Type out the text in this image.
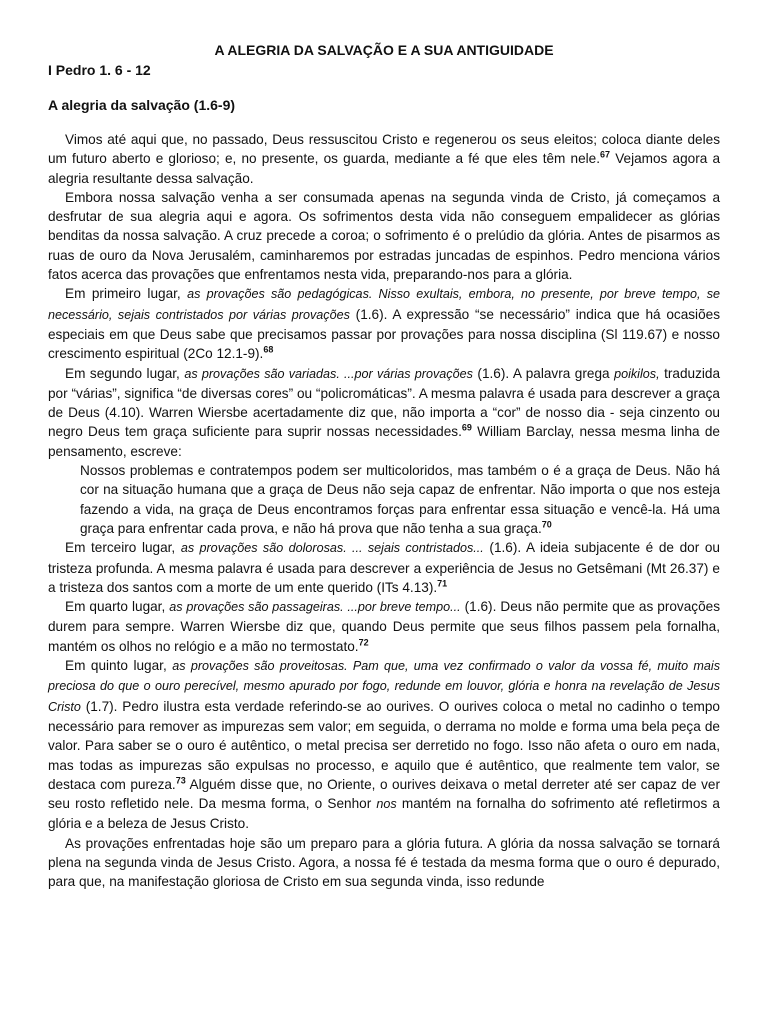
A ALEGRIA DA SALVAÇÃO E A SUA ANTIGUIDADE
I Pedro 1. 6 - 12
A alegria da salvação (1.6-9)

Vimos até aqui que, no passado, Deus ressuscitou Cristo e regenerou os seus eleitos; coloca diante deles um futuro aberto e glorioso; e, no presente, os guarda, mediante a fé que eles têm nele.$^{67}$ Vejamos agora a alegria resultante dessa salvação.

Embora nossa salvação venha a ser consumada apenas na segunda vinda de Cristo, já começamos a desfrutar de sua alegria aqui e agora. Os sofrimentos desta vida não conseguem empalidecer as glórias benditas da nossa salvação. A cruz precede a coroa; o sofrimento é o prelúdio da glória. Antes de pisarmos as ruas de ouro da Nova Jerusalém, caminharemos por estradas juncadas de espinhos. Pedro menciona vários fatos acerca das provações que enfrentamos nesta vida, preparando-nos para a glória.

Em primeiro lugar, as provações são pedagógicas. Nisso exultais, embora, no presente, por breve tempo, se necessário, sejais contristados por várias provações (1.6). A expressão “se necessário” indica que há ocasiões especiais em que Deus sabe que precisamos passar por provações para nossa disciplina (Sl 119.67) e nosso crescimento espiritual (2Co 12.1-9).$^{68}$

Em segundo lugar, as provações são variadas. ...por várias provações (1.6). A palavra grega poikilos, traduzida por “várias”, significa “de diversas cores” ou “policromáticas”. A mesma palavra é usada para descrever a graça de Deus (4.10). Warren Wiersbe acertadamente diz que, não importa a “cor” de nosso dia - seja cinzento ou negro Deus tem graça suficiente para suprir nossas necessidades.$^{69}$ William Barclay, nessa mesma linha de pensamento, escreve:

Nossos problemas e contratempos podem ser multicoloridos, mas também o é a graça de Deus. Não há cor na situação humana que a graça de Deus não seja capaz de enfrentar. Não importa o que nos esteja fazendo a vida, na graça de Deus encontramos forças para enfrentar essa situação e vencê-la. Há uma graça para enfrentar cada prova, e não há prova que não tenha a sua graça.$^{70}$

Em terceiro lugar, as provações são dolorosas. ... sejais contristados... (1.6). A ideia subjacente é de dor ou tristeza profunda. A mesma palavra é usada para descrever a experiência de Jesus no Getsêmani (Mt 26.37) e a tristeza dos santos com a morte de um ente querido (ITs 4.13).$^{71}$

Em quarto lugar, as provações são passageiras. ...por breve tempo... (1.6). Deus não permite que as provações durem para sempre. Warren Wiersbe diz que, quando Deus permite que seus filhos passem pela fornalha, mantém os olhos no relógio e a mão no termostato.$^{72}$

Em quinto lugar, as provações são proveitosas. Pam que, uma vez confirmado o valor da vossa fé, muito mais preciosa do que o ouro perecível, mesmo apurado por fogo, redunde em louvor, glória e honra na revelação de Jesus Cristo (1.7). Pedro ilustra esta verdade referindo-se ao ourives. O ourives coloca o metal no cadinho o tempo necessário para remover as impurezas sem valor; em seguida, o derrama no molde e forma uma bela peça de valor. Para saber se o ouro é autêntico, o metal precisa ser derretido no fogo. Isso não afeta o ouro em nada, mas todas as impurezas são expulsas no processo, e aquilo que é autêntico, que realmente tem valor, se destaca com pureza.$^{73}$ Alguém disse que, no Oriente, o ourives deixava o metal derreter até ser capaz de ver seu rosto refletido nele. Da mesma forma, o Senhor nos mantém na fornalha do sofrimento até refletirmos a glória e a beleza de Jesus Cristo.

As provações enfrentadas hoje são um preparo para a glória futura. A glória da nossa salvação se tornará plena na segunda vinda de Jesus Cristo. Agora, a nossa fé é testada da mesma forma que o ouro é depurado, para que, na manifestação gloriosa de Cristo em sua segunda vinda, isso redunde
